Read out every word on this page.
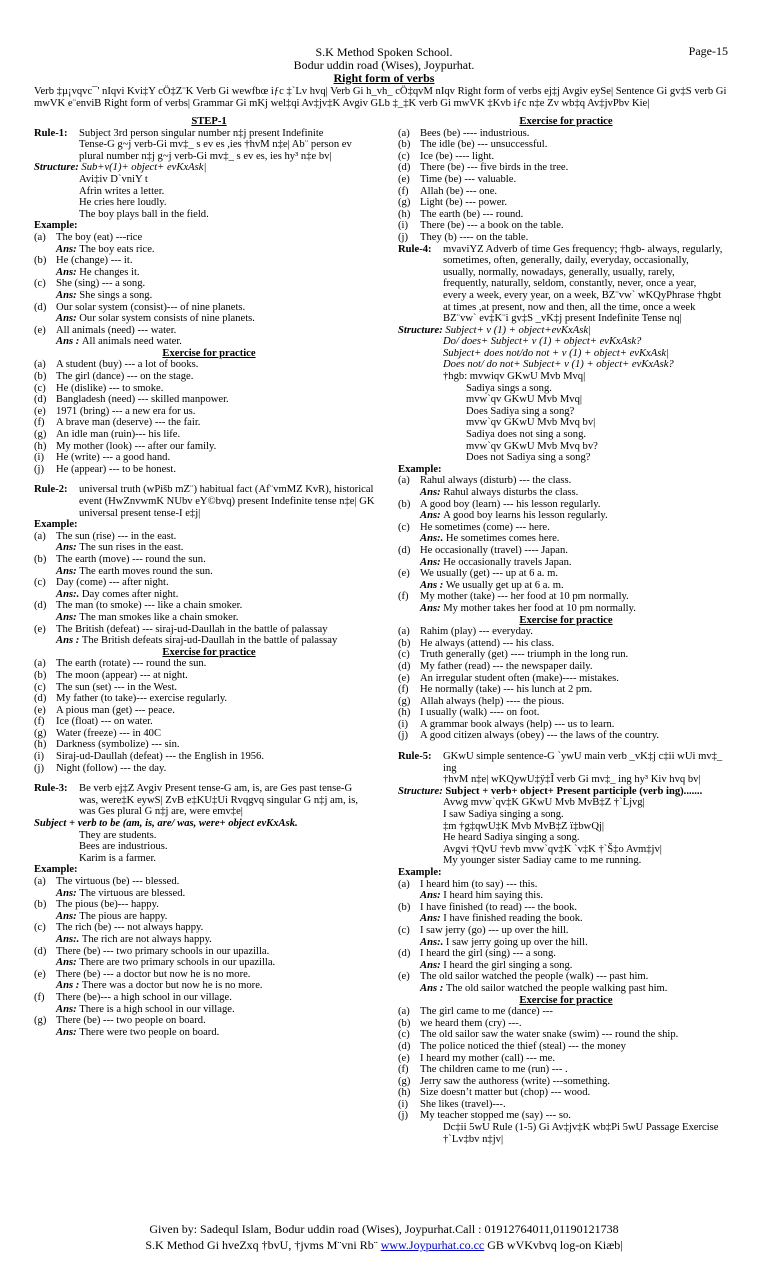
S.K Method Spoken School.	Page-15
Bodur uddin road (Wises), Joypurhat.
Right form of verbs
Verb ‡µ¡vqvc¯' nIqvi Kvi‡Y cÖ‡Z¨K Verb Gi wewfbœ iƒc ‡`Lv hvq| Verb Gi h_vh_ cÖ‡qvM nIqv Right form of verbs ej‡j Avgiv eySe| Sentence Gi gv‡S verb Gi mwVK e¨enviB Right form of verbs| Grammar Gi mKj wel‡qi Av‡jv‡K Avgiv GLb ‡_‡K verb Gi mwVK ‡Kvb iƒc n‡e Zv wb‡q Av‡jvPbv Kie|
STEP-1
Rule-1:	Subject 3rd person singular number n‡j present Indefinite
Tense-G g~j verb-Gi mv‡_ s ev es ,ies †hvM n‡e| Ab¨ person ev
plural number n‡j g~j verb-Gi mv‡_ s ev es, ies hy³ n‡e bv|
Structure: Sub+v(1)+ object+ evKxAsk|
Avi‡iv D`vniY t
Afrin writes a letter.
He cries here loudly.
The boy plays ball in the field.
Example:
(a) The boy (eat) ---rice
Ans: The boy eats rice.
(b) He (change) --- it.
Ans: He changes it.
(c) She (sing) --- a song.
Ans: She sings a song.
(d) Our solar system (consist)--- of nine planets.
Ans: Our solar system consists of nine planets.
(e) All animals (need) --- water.
Ans : All animals need water.
Exercise for practice
(a) A student (buy) --- a lot of books.
(b) The girl (dance) --- on the stage.
(c) He (dislike) --- to smoke.
(d) Bangladesh (need) --- skilled manpower.
(e) 1971 (bring) --- a new era for us.
(f)	A brave man (deserve) --- the fair.
(g) An idle man (ruin)--- his life.
(h) My mother (look) --- after our family.
(i)	He (write) --- a good hand.
(j)	He (appear) --- to be honest.
Rule-2:	universal truth (wPišb mZ¨) habitual fact (Af¨vmMZ KvR), historical
event (HwZnvwmK NUbv eY©bvq) present Indefinite tense n‡e| GK
universal present tense-I e‡j|
Example:
(a) The sun (rise) --- in the east.
Ans: The sun rises in the east.
(b) The earth (move) --- round the sun.
Ans: The earth moves round the sun.
(c) Day (come) --- after night.
Ans:. Day comes after night.
(d) The man (to smoke) --- like a chain smoker.
Ans: The man smokes like a chain smoker.
(e) The British (defeat) --- siraj-ud-Daullah in the battle of palassay
Ans : The British defeats siraj-ud-Daullah in the battle of palassay
Exercise for practice
(a) The earth (rotate) --- round the sun.
(b) The moon (appear) --- at night.
(c) The sun (set) --- in the West.
(d) My father (to take)--- exercise regularly.
(e) A pious man (get) --- peace.
(f)	Ice (float) --- on water.
(g) Water (freeze) --- in 40C
(h) Darkness (symbolize) --- sin.
(i)	Siraj-ud-Daullah (defeat) --- the English in 1956.
(j)	Night (follow) --- the day.
Rule-3:	Be verb ej‡Z Avgiv Present tense-G am, is, are Ges past tense-G
was, were‡K eywS| ZvB e‡KU‡Ui Rvqgvq singular G n‡j am, is,
was Ges plural G n‡j are, were emv‡e|
Subject + verb to be (am, is, are/ was, were+ object evKxAsk.
They are students.
Bees are industrious.
Karim is a farmer.
Example:
(a) The virtuous (be) --- blessed.
Ans: The virtuous are blessed.
(b) The pious (be)--- happy.
Ans: The pious are happy.
(c) The rich (be) --- not always happy.
Ans:. The rich are not always happy.
(d) There (be) --- two primary schools in our upazilla.
Ans: There are two primary schools in our upazilla.
(e) There (be) --- a doctor but now he is no more.
Ans : There was a doctor but now he is no more.
(f)	There (be)--- a high school in our village.
Ans: There is a high school in our village.
(g) There (be) --- two people on board.
Ans: There were two people on board.
Exercise for practice
(a) Bees (be) ---- industrious.
(b) The idle (be) --- unsuccessful.
(c) Ice (be) ---- light.
(d) There (be) --- five birds in the tree.
(e) Time (be) --- valuable.
(f)	Allah (be) --- one.
(g) Light (be) --- power.
(h) The earth (be) --- round.
(i)	There (be) --- a book on the table.
(j)	They (b) ---- on the table.
Rule-4:	mvaviYZ Adverb of time Ges frequency; †hgb- always, regularly,
sometimes, often, generally, daily, everyday, occasionally,
usually, normally, nowadays, generally, usually, rarely,
frequently, naturally, seldom, constantly, never, once a year,
every a week, every year, on a week, BZ¨vw` wKQyPhrase †hgbt
at times ,at present, now and then, all the time, once a week
BZ¨vw` ev‡K¨i gv‡S _vK‡j present Indefinite Tense nq|
Structure: Subject+ v (1) + object+evKxAsk|
Do/ does+ Subject+ v (1) + object+ evKxAsk?
Subject+ does not/do not + v (1) + object+ evKxAsk|
Does not/ do not+ Subject+ v (1) + object+ evKxAsk?
†hgb: mvwiqv GKwU Mvb Mvq|
Sadiya sings a song.
mvw`qv GKwU Mvb Mvq|
Does Sadiya sing a song?
mvw`qv GKwU Mvb Mvq bv|
Sadiya does not sing a song.
mvw`qv GKwU Mvb Mvq bv?
Does not Sadiya sing a song?
Example:
(a) Rahul always (disturb) --- the class.
Ans: Rahul always disturbs the class.
(b) A good boy (learn) --- his lesson regularly.
Ans: A good boy learns his lesson regularly.
(c) He sometimes (come) --- here.
Ans:. He sometimes comes here.
(d) He occasionally (travel) ---- Japan.
Ans: He occasionally travels Japan.
(e) We usually (get) --- up at 6 a. m.
Ans : We usually get up at 6 a. m.
(f)	My mother (take) --- her food at 10 pm normally.
Ans: My mother takes her food at 10 pm normally.
Exercise for practice
(a) Rahim (play) --- everyday.
(b) He always (attend) --- his class.
(c) Truth generally (get) ---- triumph in the long run.
(d) My father (read) --- the newspaper daily.
(e) An irregular student often (make)---- mistakes.
(f)	He normally (take) --- his lunch at 2 pm.
(g) Allah always (help) ---- the pious.
(h) I usually (walk) ---- on foot.
(i)	A grammar book always (help) --- us to learn.
(j)	A good citizen always (obey) --- the laws of the country.
Rule-5:	GKwU simple sentence-G `ywU main verb _vK‡j c‡ii wUi mv‡_ ing
†hvM n‡e| wKQywU‡ÿ‡Î verb Gi mv‡_ ing hy³ Kiv hvq bv|
Structure: Subject + verb+ object+ Present participle (verb ing).......
Avwg mvw`qv‡K GKwU Mvb MvB‡Z †`Ljvg|
I saw Sadiya singing a song.
‡m †g‡qwU‡K Mvb MvB‡Z ï‡bwQj|
He heard Sadiya singing a song.
Avgvi †QvU †evb mvw`qv‡K `v‡K †`Š‡o Avm‡jv|
My younger sister Sadiay came to me running.
Example:
(a) I heard him (to say) --- this.
Ans: I heard him saying this.
(b) I have finished (to read) --- the book.
Ans: I have finished reading the book.
(c) I saw jerry (go) --- up over the hill.
Ans:. I saw jerry going up over the hill.
(d) I heard the girl (sing) --- a song.
Ans: I heard the girl singing a song.
(e) The old sailor watched the people (walk) --- past him.
Ans : The old sailor watched the people walking past him.
Exercise for practice
(a) The girl came to me (dance) ---
(b) we heard them (cry) ---.
(c) The old sailor saw the water snake (swim) --- round the ship.
(d) The police noticed the thief (steal) --- the money
(e) I heard my mother (call) --- me.
(f)	The children came to me (run) --- .
(g) Jerry saw the authoress (write) ---something.
(h) Size doesn’t matter but (chop) --- wood.
(i)	She likes (travel)---.
(j)	My teacher stopped me (say) --- so.
Dc‡ii 5wU Rule (1-5) Gi Av‡jv‡K wb‡Pi 5wU Passage Exercise †`Lv‡bv n‡jv|
Given by: Sadequl Islam, Bodur uddin road (Wises), Joypurhat.Call : 01912764011,01190121738
S.K Method Gi hveZxq †bvU, †jvms M¨vni Rb¨ www.Joypurhat.co.cc GB wVKvbvq log-on Kiæb|
